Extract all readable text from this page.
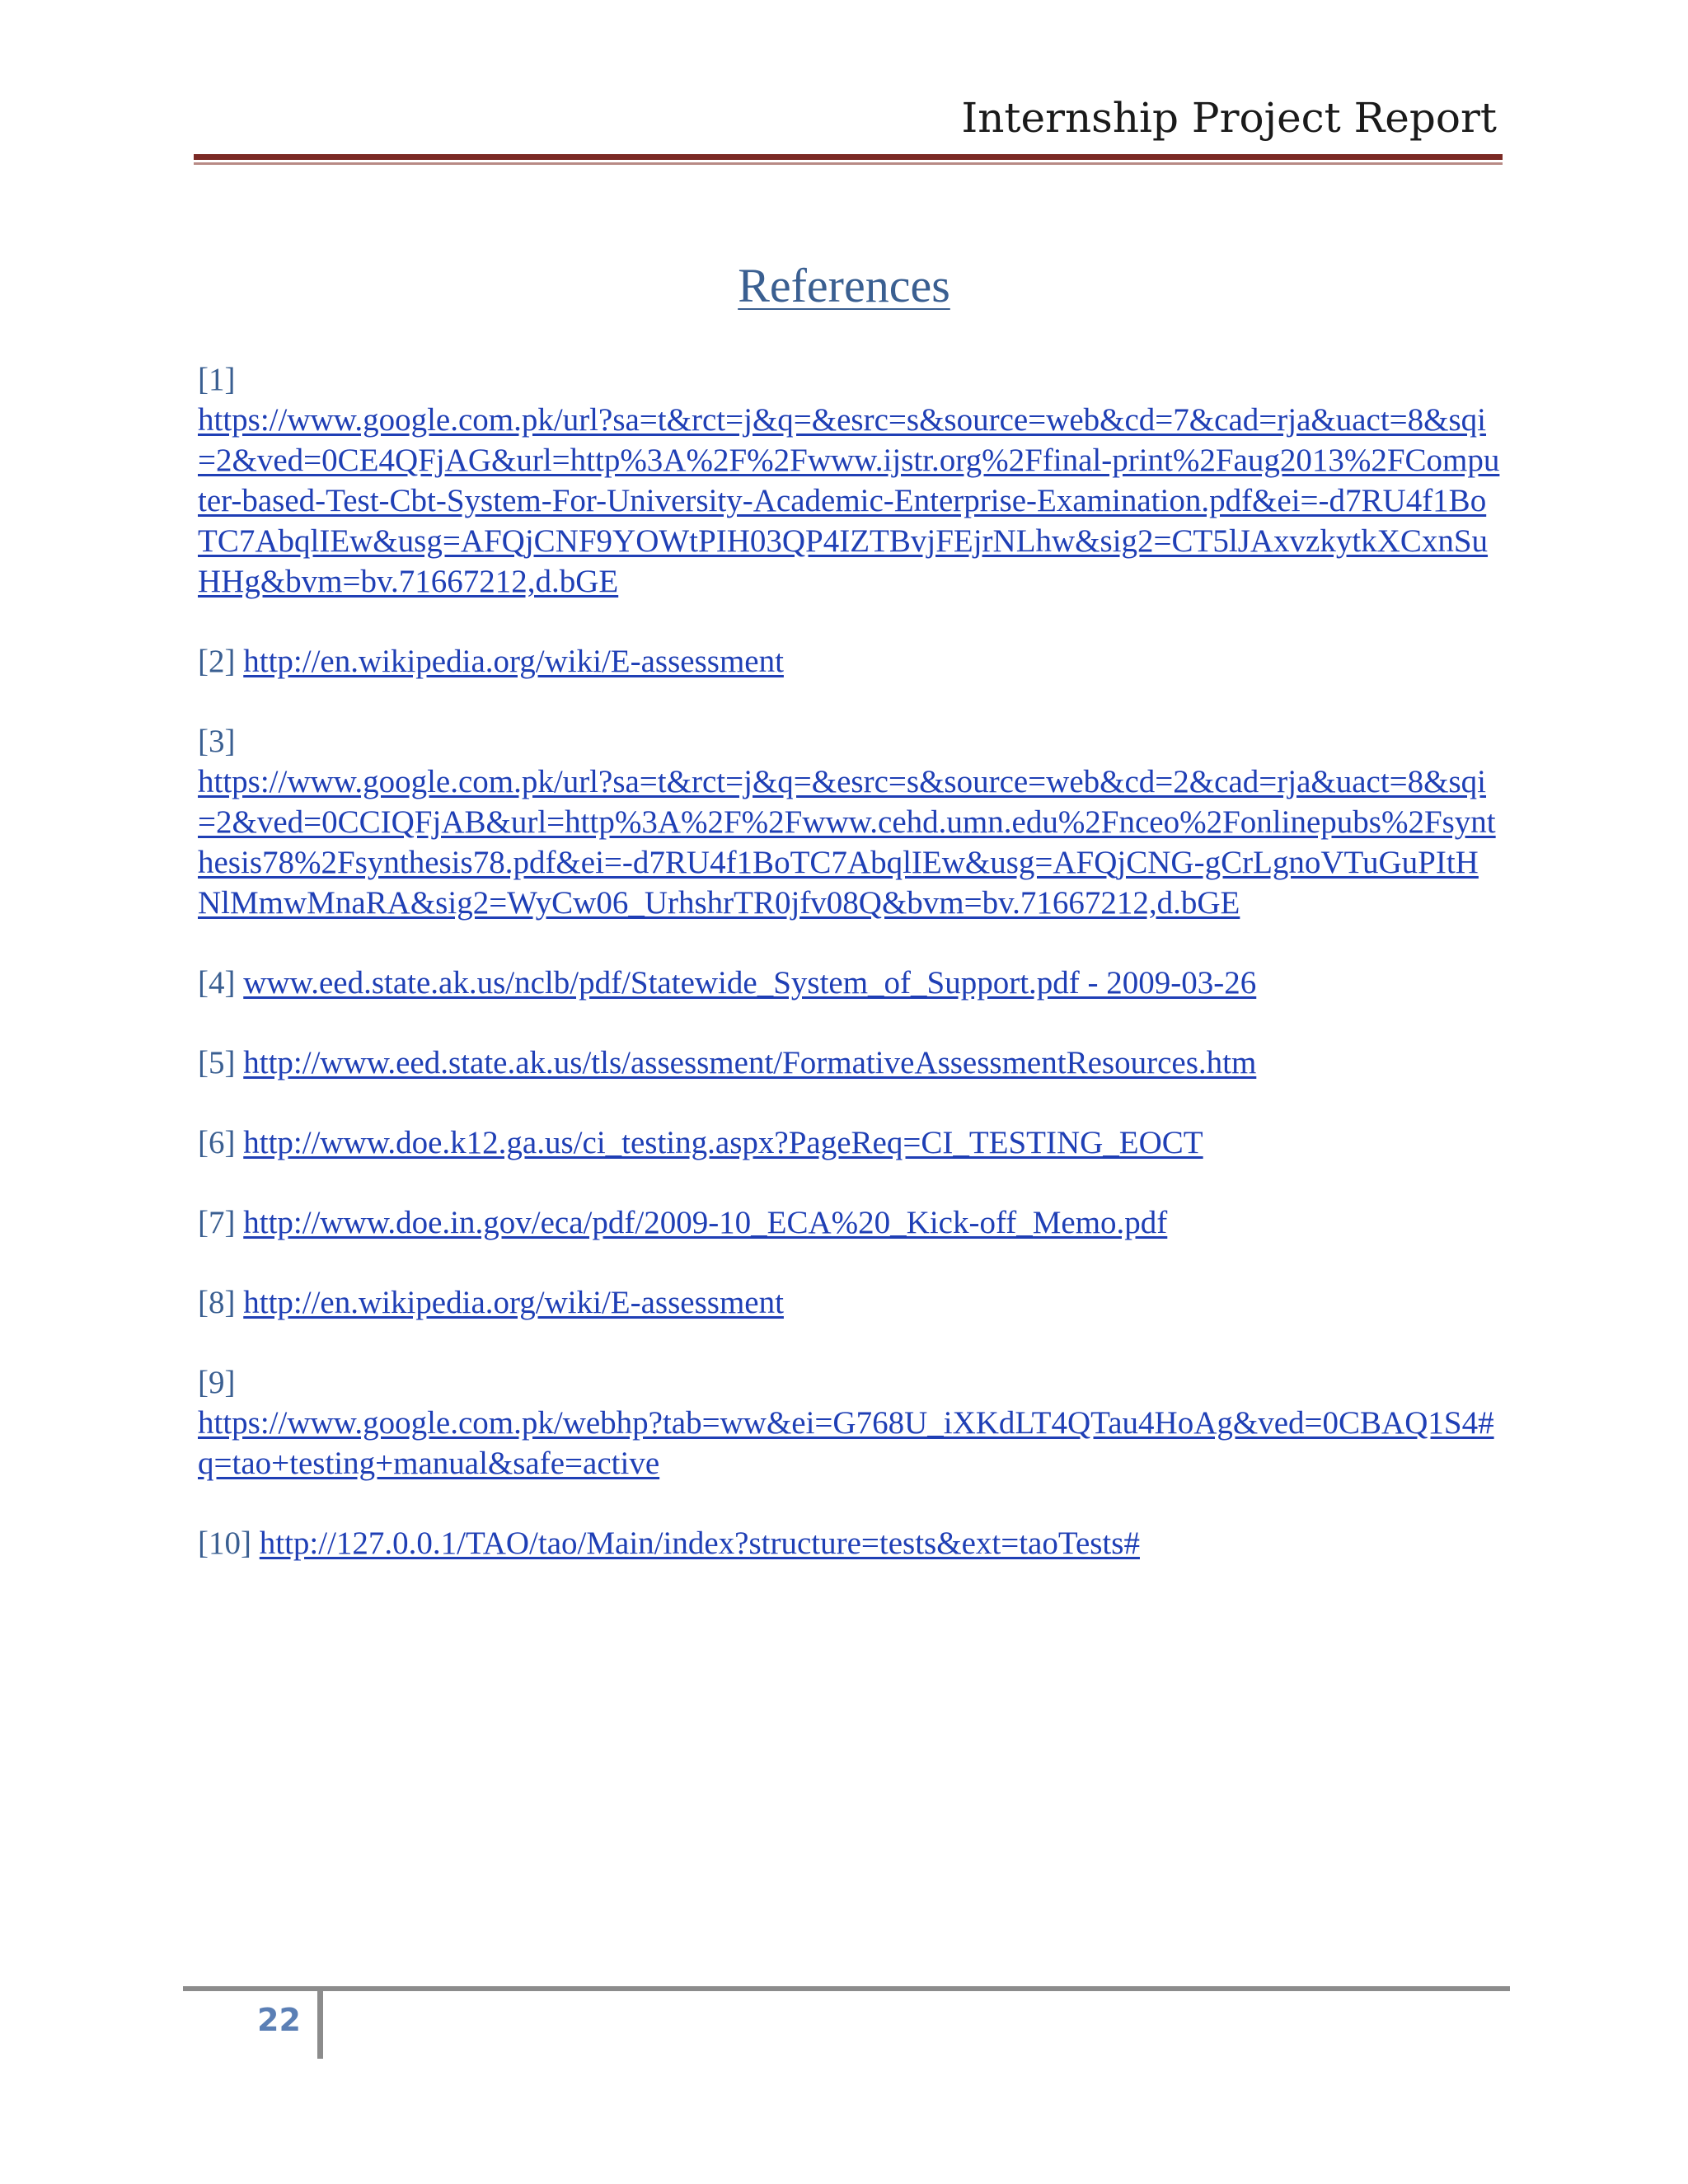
Internship Project Report
References
[1]
https://www.google.com.pk/url?sa=t&rct=j&q=&esrc=s&source=web&cd=7&cad=rja&uact=8&sqi=2&ved=0CE4QFjAG&url=http%3A%2F%2Fwww.ijstr.org%2Ffinal-print%2Faug2013%2FComputer-based-Test-Cbt-System-For-University-Academic-Enterprise-Examination.pdf&ei=-d7RU4f1BoTC7AbqlIEw&usg=AFQjCNF9YOWtPIH03QP4IZTBvjFEjrNLhw&sig2=CT5lJAxvzkytkXCxnSuHHg&bvm=bv.71667212,d.bGE
[2] http://en.wikipedia.org/wiki/E-assessment
[3]
https://www.google.com.pk/url?sa=t&rct=j&q=&esrc=s&source=web&cd=2&cad=rja&uact=8&sqi=2&ved=0CCIQFjAB&url=http%3A%2F%2Fwww.cehd.umn.edu%2Fnceo%2Fonlinepubs%2Fsynthesis78%2Fsynthesis78.pdf&ei=-d7RU4f1BoTC7AbqlIEw&usg=AFQjCNG-gCrLgnoVTuGuPItHNlMmwMnaRA&sig2=WyCw06_UrhshrTR0jfv08Q&bvm=bv.71667212,d.bGE
[4] www.eed.state.ak.us/nclb/pdf/Statewide_System_of_Support.pdf - 2009-03-26
[5] http://www.eed.state.ak.us/tls/assessment/FormativeAssessmentResources.htm
[6] http://www.doe.k12.ga.us/ci_testing.aspx?PageReq=CI_TESTING_EOCT
[7] http://www.doe.in.gov/eca/pdf/2009-10_ECA%20_Kick-off_Memo.pdf
[8] http://en.wikipedia.org/wiki/E-assessment
[9]
https://www.google.com.pk/webhp?tab=ww&ei=G768U_iXKdLT4QTau4HoAg&ved=0CBAQ1S4#q=tao+testing+manual&safe=active
[10] http://127.0.0.1/TAO/tao/Main/index?structure=tests&ext=taoTests#
22
